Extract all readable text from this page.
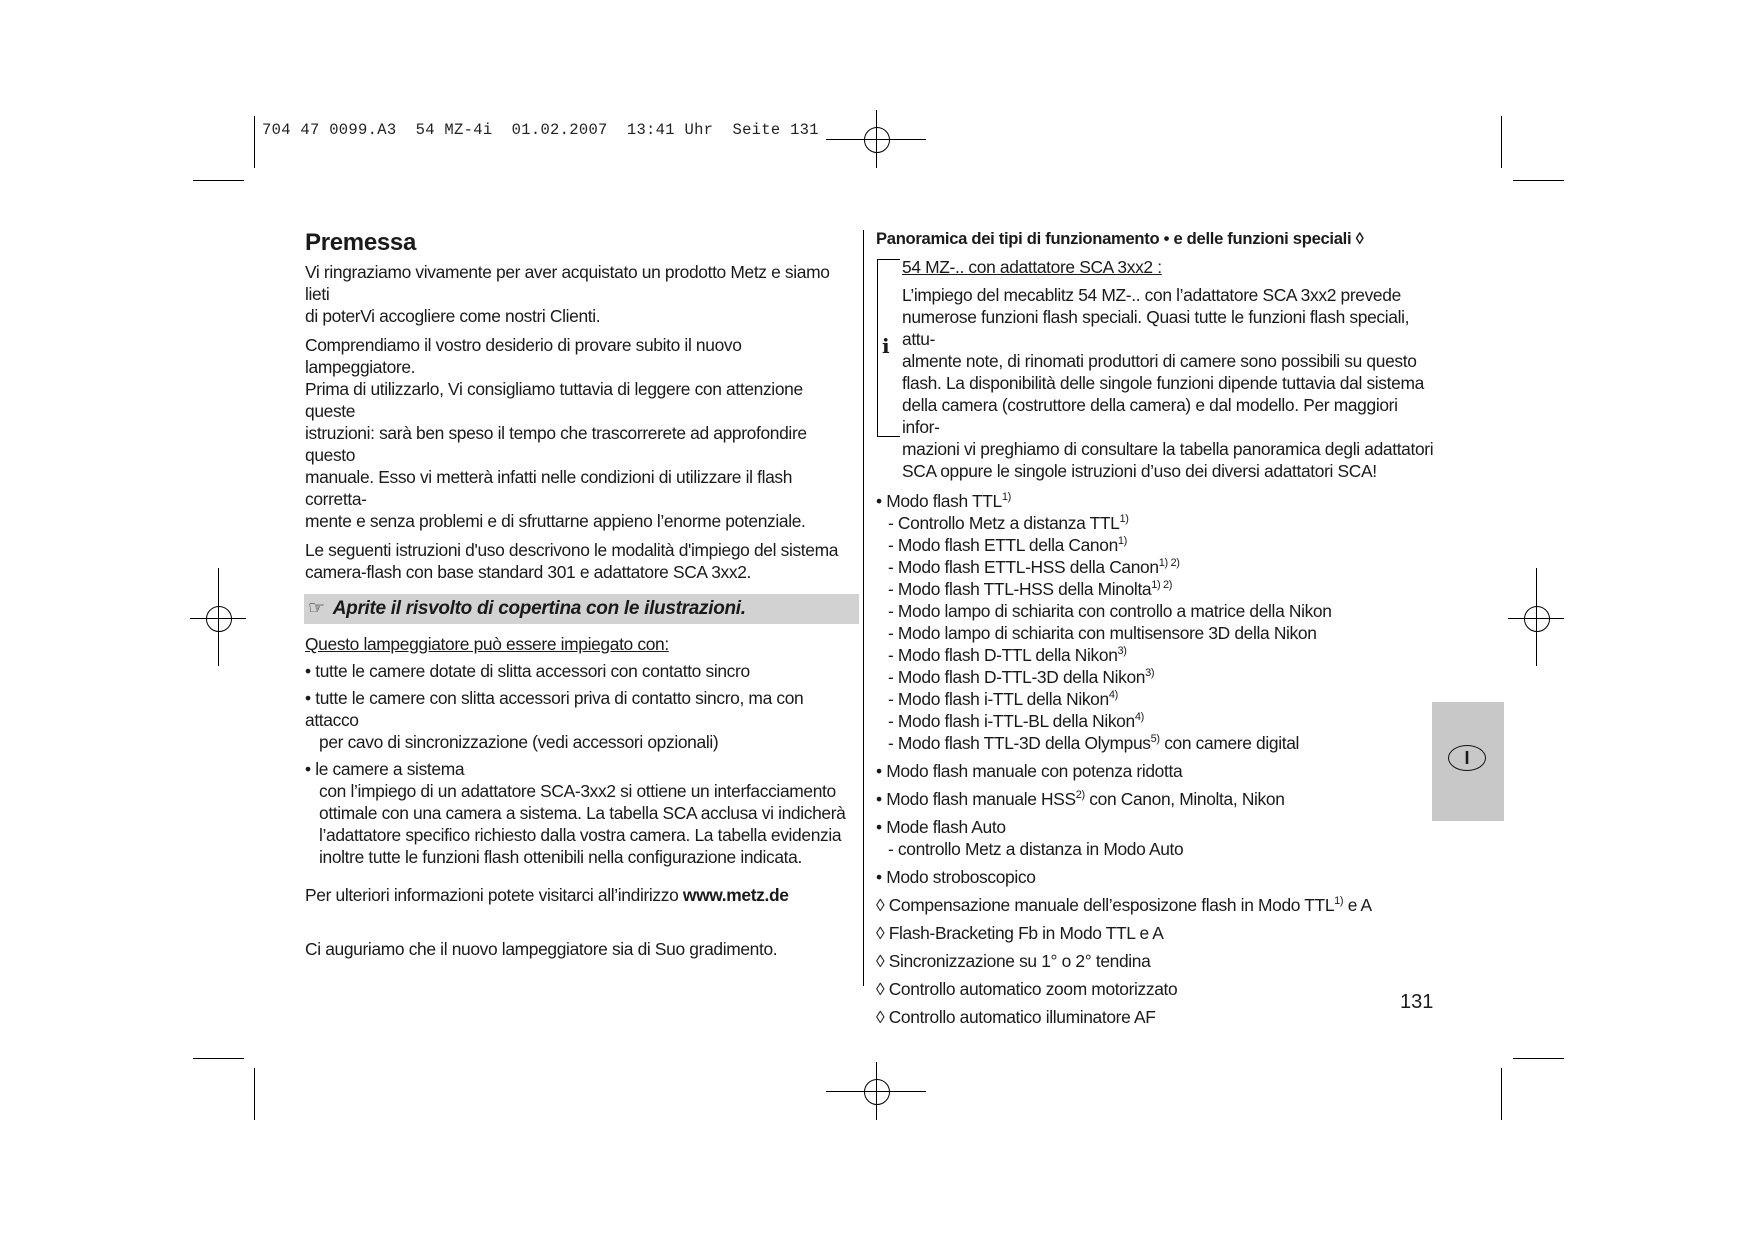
704 47 0099.A3  54 MZ-4i  01.02.2007  13:41 Uhr  Seite 131
Premessa

Vi ringraziamo vivamente per aver acquistato un prodotto Metz e siamo lieti
di poterVi accogliere come nostri Clienti.

Comprendiamo il vostro desiderio di provare subito il nuovo lampeggiatore.
Prima di utilizzarlo, Vi consigliamo tuttavia di leggere con attenzione queste
istruzioni: sarà ben speso il tempo che trascorrerete ad approfondire questo
manuale. Esso vi metterà infatti nelle condizioni di utilizzare il flash corretta-
mente e senza problemi e di sfruttarne appieno l’enorme potenziale.

Le seguenti istruzioni d'uso descrivono le modalità d'impiego del sistema
camera-flash con base standard 301 e adattatore SCA 3xx2.

☞ Aprite il risvolto di copertina con le ilustrazioni.

Questo lampeggiatore può essere impiegato con:

• tutte le camere dotate di slitta accessori con contatto sincro

• tutte le camere con slitta accessori priva di contatto sincro, ma con attacco
per cavo di sincronizzazione (vedi accessori opzionali)

• le camere a sistema
con l’impiego di un adattatore SCA-3xx2 si ottiene un interfacciamento
ottimale con una camera a sistema. La tabella SCA acclusa vi indicherà
l’adattatore specifico richiesto dalla vostra camera. La tabella evidenzia
inoltre tutte le funzioni flash ottenibili nella configurazione indicata.

Per ulteriori informazioni potete visitarci all’indirizzo www.metz.de
Ci auguriamo che il nuovo lampeggiatore sia di Suo gradimento.
Panoramica dei tipi di funzionamento • e delle funzioni speciali ◊

54 MZ-.. con adattatore SCA 3xx2 :

L’impiego del mecablitz 54 MZ-.. con l’adattatore SCA 3xx2 prevede
numerose funzioni flash speciali. Quasi tutte le funzioni flash speciali, attu-
almente note, di rinomati produttori di camere sono possibili su questo
flash. La disponibilità delle singole funzioni dipende tuttavia dal sistema
della camera (costruttore della camera) e dal modello. Per maggiori infor-
mazioni vi preghiamo di consultare la tabella panoramica degli adattatori
SCA oppure le singole istruzioni d’uso dei diversi adattatori SCA!

• Modo flash TTL$^{1)}$

- Controllo Metz a distanza TTL$^{1)}$

- Modo flash ETTL della Canon$^{1)}$

- Modo flash ETTL-HSS della Canon$^{1) 2)}$

- Modo flash TTL-HSS della Minolta$^{1) 2)}$

- Modo lampo di schiarita con controllo a matrice della Nikon

- Modo lampo di schiarita con multisensore 3D della Nikon

- Modo flash D-TTL della Nikon$^{3)}$

- Modo flash D-TTL-3D della Nikon$^{3)}$

- Modo flash i-TTL della Nikon$^{4)}$

- Modo flash i-TTL-BL della Nikon$^{4)}$

- Modo flash TTL-3D della Olympus$^{5)}$ con camere digital

• Modo flash manuale con potenza ridotta

• Modo flash manuale HSS$^{2)}$ con Canon, Minolta, Nikon

• Mode flash Auto

- controllo Metz a distanza in Modo Auto

• Modo stroboscopico

◊ Compensazione manuale dell’esposizone flash in Modo TTL$^{1)}$ e A

◊ Flash-Bracketing Fb in Modo TTL e A

◊ Sincronizzazione su 1° o 2° tendina

◊ Controllo automatico zoom motorizzato

◊ Controllo automatico illuminatore AF

i
I
131
